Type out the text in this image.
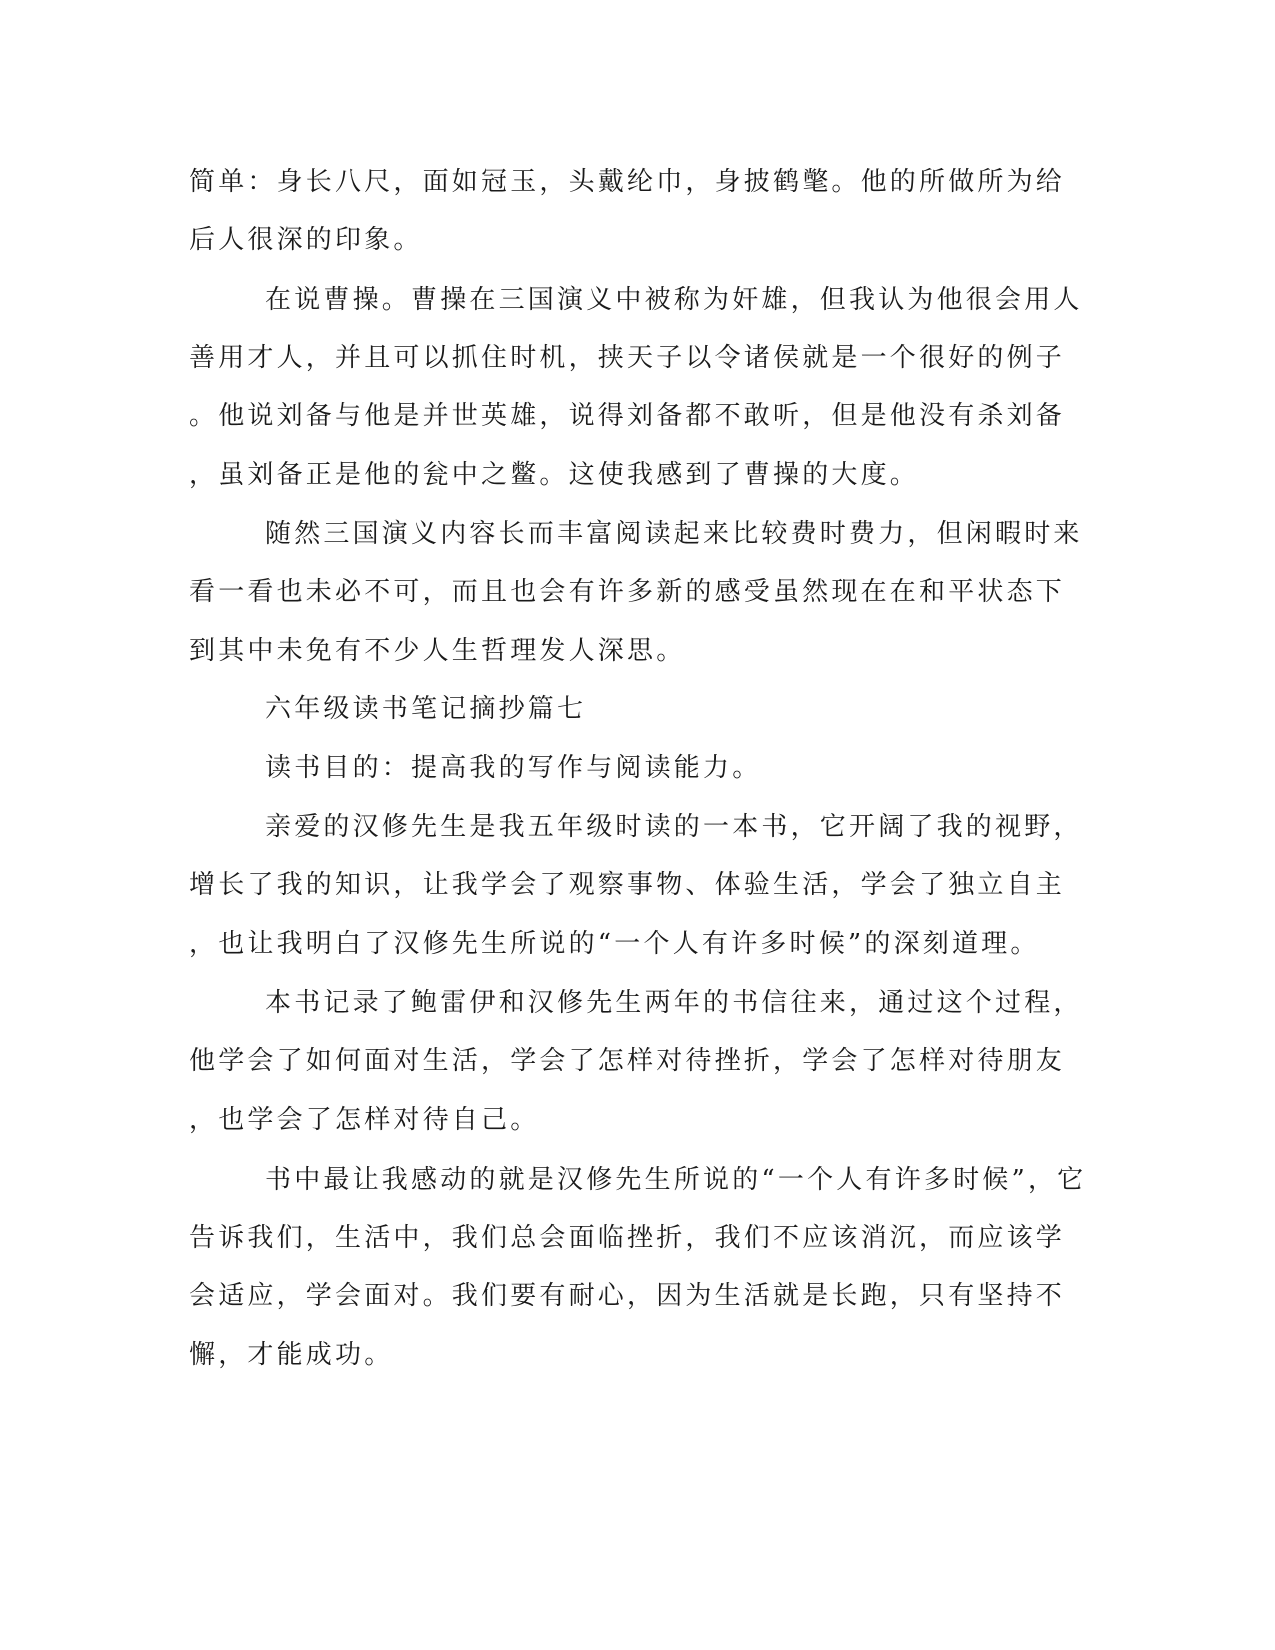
简单：身长八尺，面如冠玉，头戴纶巾，身披鹤氅。他的所做所为给
后人很深的印象。
在说曹操。曹操在三国演义中被称为奸雄，但我认为他很会用人
善用才人，并且可以抓住时机，挟天子以令诸侯就是一个很好的例子
。他说刘备与他是并世英雄，说得刘备都不敢听，但是他没有杀刘备
，虽刘备正是他的瓮中之鳖。这使我感到了曹操的大度。
随然三国演义内容长而丰富阅读起来比较费时费力，但闲暇时来
看一看也未必不可，而且也会有许多新的感受虽然现在在和平状态下
到其中未免有不少人生哲理发人深思。
六年级读书笔记摘抄篇七
读书目的：提高我的写作与阅读能力。
亲爱的汉修先生是我五年级时读的一本书，它开阔了我的视野，
增长了我的知识，让我学会了观察事物、体验生活，学会了独立自主
，也让我明白了汉修先生所说的“一个人有许多时候”的深刻道理。
本书记录了鲍雷伊和汉修先生两年的书信往来，通过这个过程，
他学会了如何面对生活，学会了怎样对待挫折，学会了怎样对待朋友
，也学会了怎样对待自己。
书中最让我感动的就是汉修先生所说的“一个人有许多时候”，它
告诉我们，生活中，我们总会面临挫折，我们不应该消沉，而应该学
会适应，学会面对。我们要有耐心，因为生活就是长跑，只有坚持不
懈，才能成功。
